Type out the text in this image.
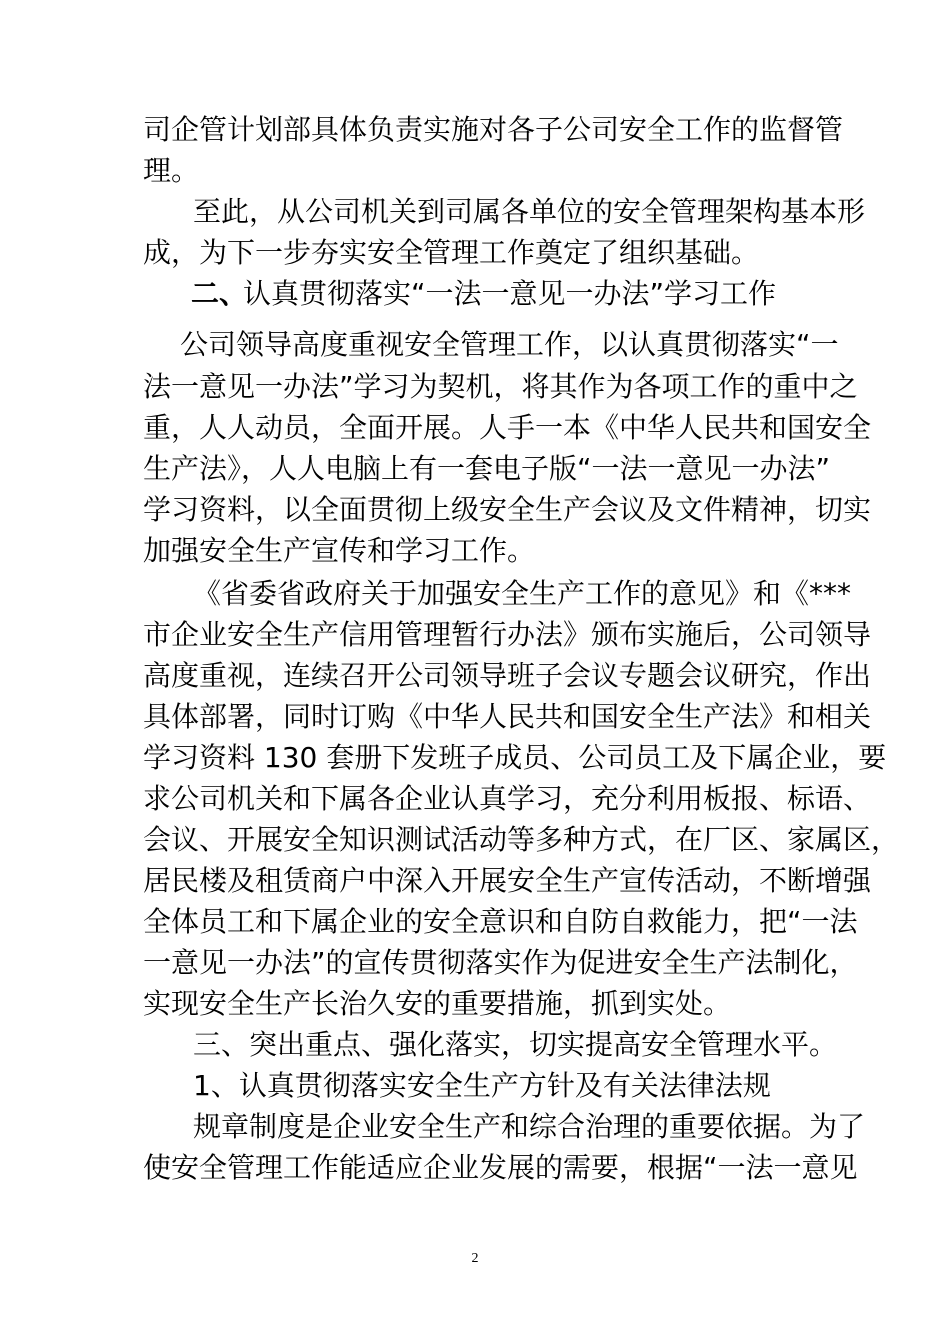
司企管计划部具体负责实施对各子公司安全工作的监督管
理。
至此，从公司机关到司属各单位的安全管理架构基本形
成，为下一步夯实安全管理工作奠定了组织基础。
二、
认真贯彻落实“一法一意见一办法”学习工作
公司领导高度重视安全管理工作，以认真贯彻落实“一
法一意见一办法”学习为契机，将其作为各项工作的重中之
重，人人动员，全面开展。人手一本《中华人民共和国安全
生产法》，人人电脑上有一套电子版“一法一意见一办法”
学习资料，以全面贯彻上级安全生产会议及文件精神，切实
加强安全生产宣传和学习工作。
《省委省政府关于加强安全生产工作的意见》和《***
市企业安全生产信用管理暂行办法》颁布实施后，公司领导
高度重视，连续召开公司领导班子会议专题会议研究，作出
具体部署，同时订购《中华人民共和国安全生产法》和相关
学习资料 130 套册下发班子成员、公司员工及下属企业，要
求公司机关和下属各企业认真学习，充分利用板报、标语、
会议、开展安全知识测试活动等多种方式，在厂区、家属区，
居民楼及租赁商户中深入开展安全生产宣传活动，不断增强
全体员工和下属企业的安全意识和自防自救能力，把“一法
一意见一办法”的宣传贯彻落实作为促进安全生产法制化，
实现安全生产长治久安的重要措施，抓到实处。
三、突出重点、强化落实，切实提高安全管理水平。
1、认真贯彻落实安全生产方针及有关法律法规
规章制度是企业安全生产和综合治理的重要依据。为了
使安全管理工作能适应企业发展的需要，根据“一法一意见
2
